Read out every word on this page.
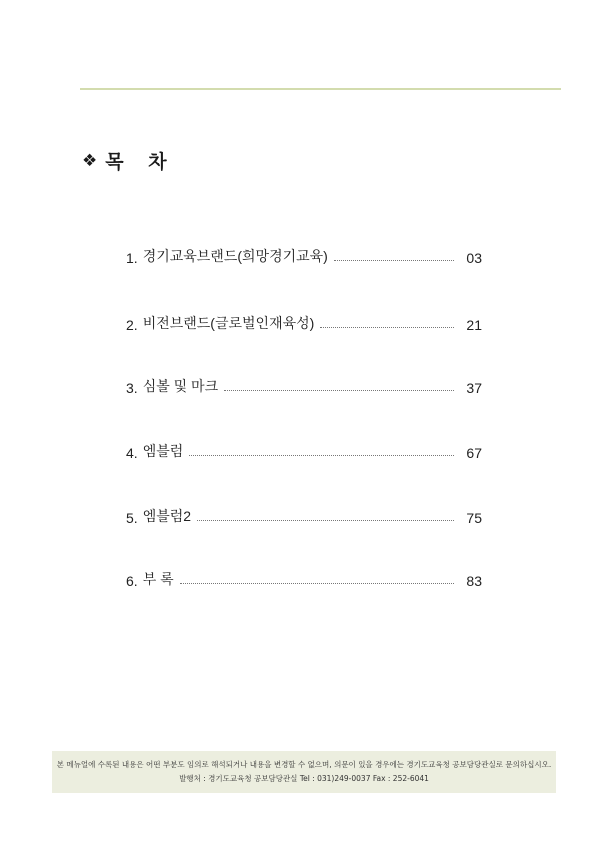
❖ 목 차
1. 경기교육브랜드(희망경기교육)	03
2. 비전브랜드(글로벌인재육성)	21
3. 심볼 및 마크	37
4. 엠블럼	67
5. 엠블럼2	75
6. 부 록	83
본 메뉴얼에 수록된 내용은 어떤 부분도 임의로 해석되거나 내용을 변경할 수 없으며, 의문이 있을 경우에는 경기도교육청 공보담당관실로 문의하십시오.
발행처 : 경기도교육청 공보담당관실 Tel : 031)249-0037 Fax : 252-6041
